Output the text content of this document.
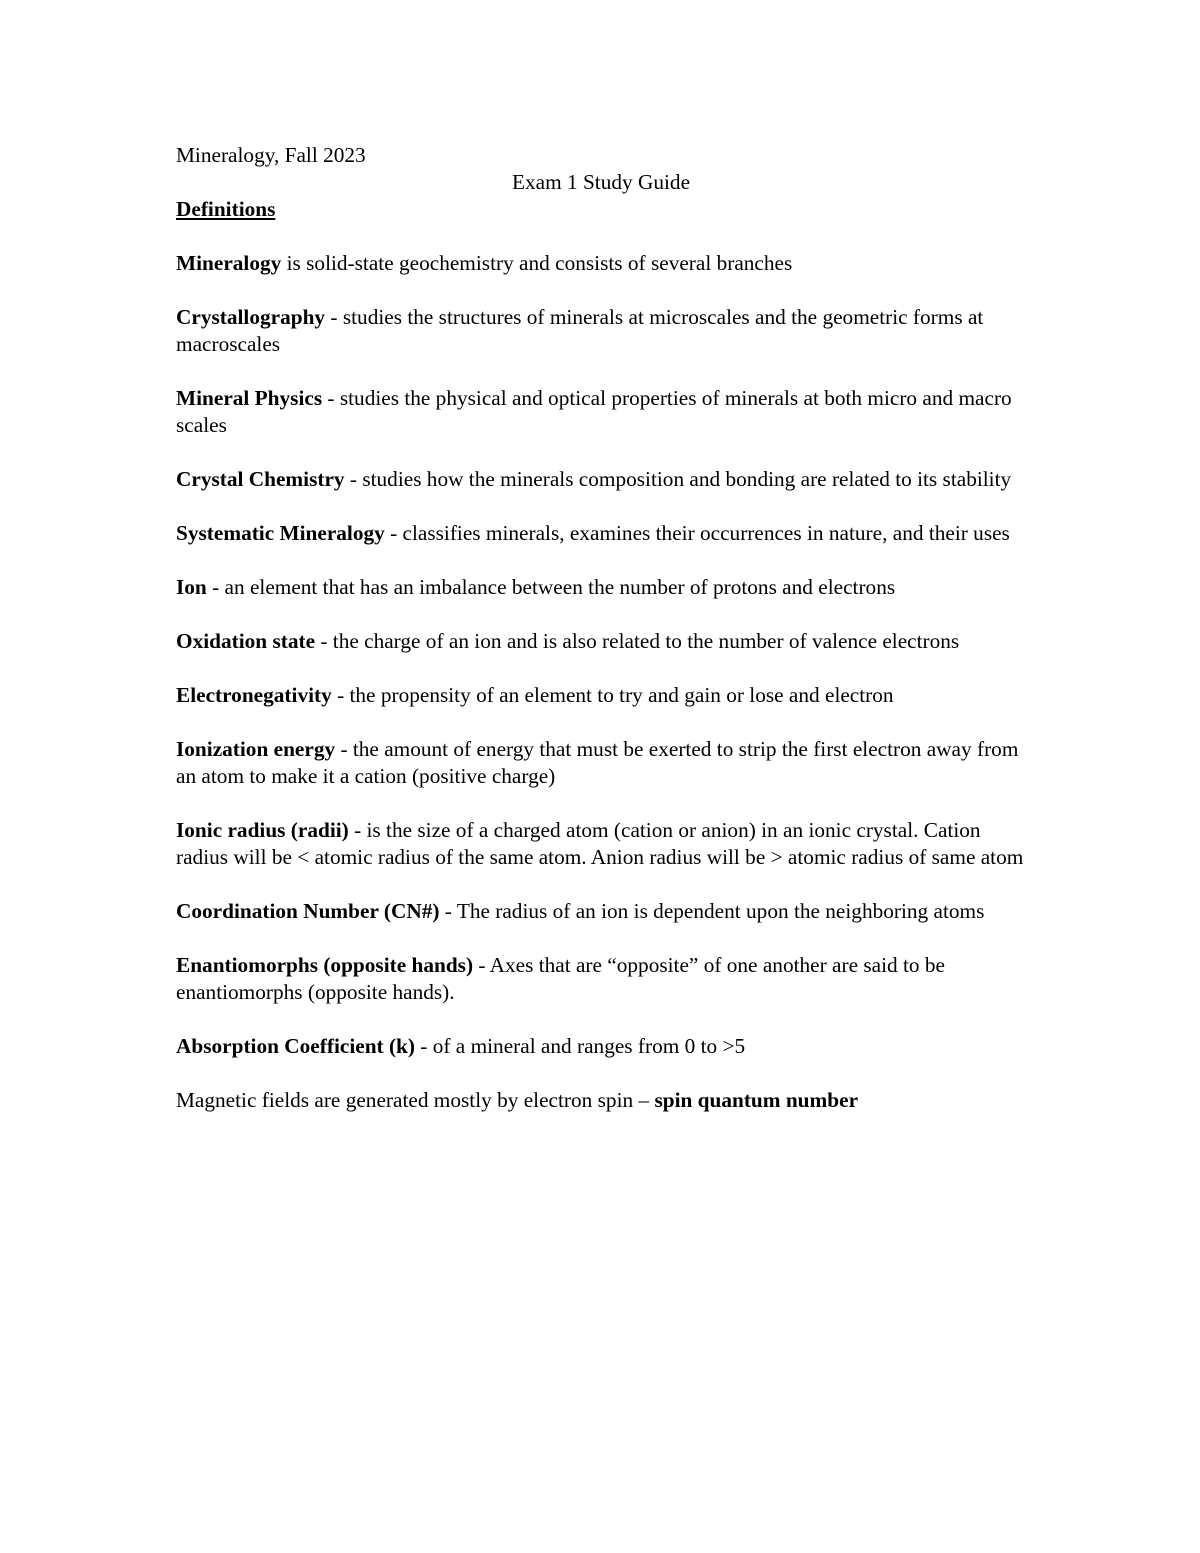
Mineralogy, Fall 2023

Exam 1 Study Guide

Definitions

Mineralogy is solid-state geochemistry and consists of several branches

Crystallography - studies the structures of minerals at microscales and the geometric forms at macroscales

Mineral Physics - studies the physical and optical properties of minerals at both micro and macro scales

Crystal Chemistry - studies how the minerals composition and bonding are related to its stability

Systematic Mineralogy - classifies minerals, examines their occurrences in nature, and their uses

Ion - an element that has an imbalance between the number of protons and electrons

Oxidation state - the charge of an ion and is also related to the number of valence electrons

Electronegativity - the propensity of an element to try and gain or lose and electron

Ionization energy - the amount of energy that must be exerted to strip the first electron away from an atom to make it a cation (positive charge)

Ionic radius (radii) - is the size of a charged atom (cation or anion) in an ionic crystal. Cation radius will be < atomic radius of the same atom. Anion radius will be > atomic radius of same atom

Coordination Number (CN#) - The radius of an ion is dependent upon the neighboring atoms

Enantiomorphs (opposite hands) - Axes that are “opposite” of one another are said to be enantiomorphs (opposite hands).

Absorption Coefficient (k) - of a mineral and ranges from 0 to >5

Magnetic fields are generated mostly by electron spin – spin quantum number
